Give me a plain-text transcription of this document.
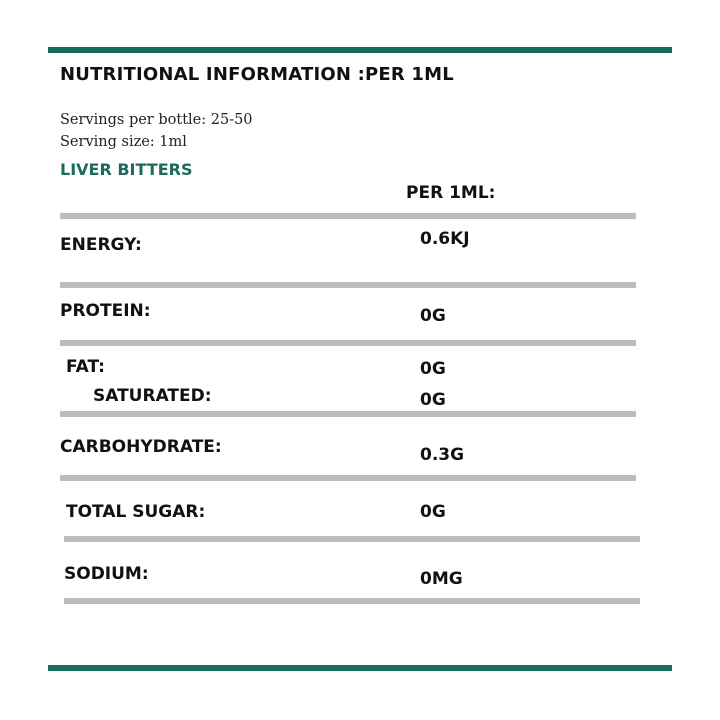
NUTRITIONAL INFORMATION :PER 1ML
Servings per bottle: 25-50
Serving size: 1ml
LIVER BITTERS
PER 1ML:
ENERGY:	0.6KJ
PROTEIN:	0G
FAT:	0G
SATURATED:	0G
CARBOHYDRATE:	0.3G
TOTAL SUGAR:	0G
SODIUM:	0MG
